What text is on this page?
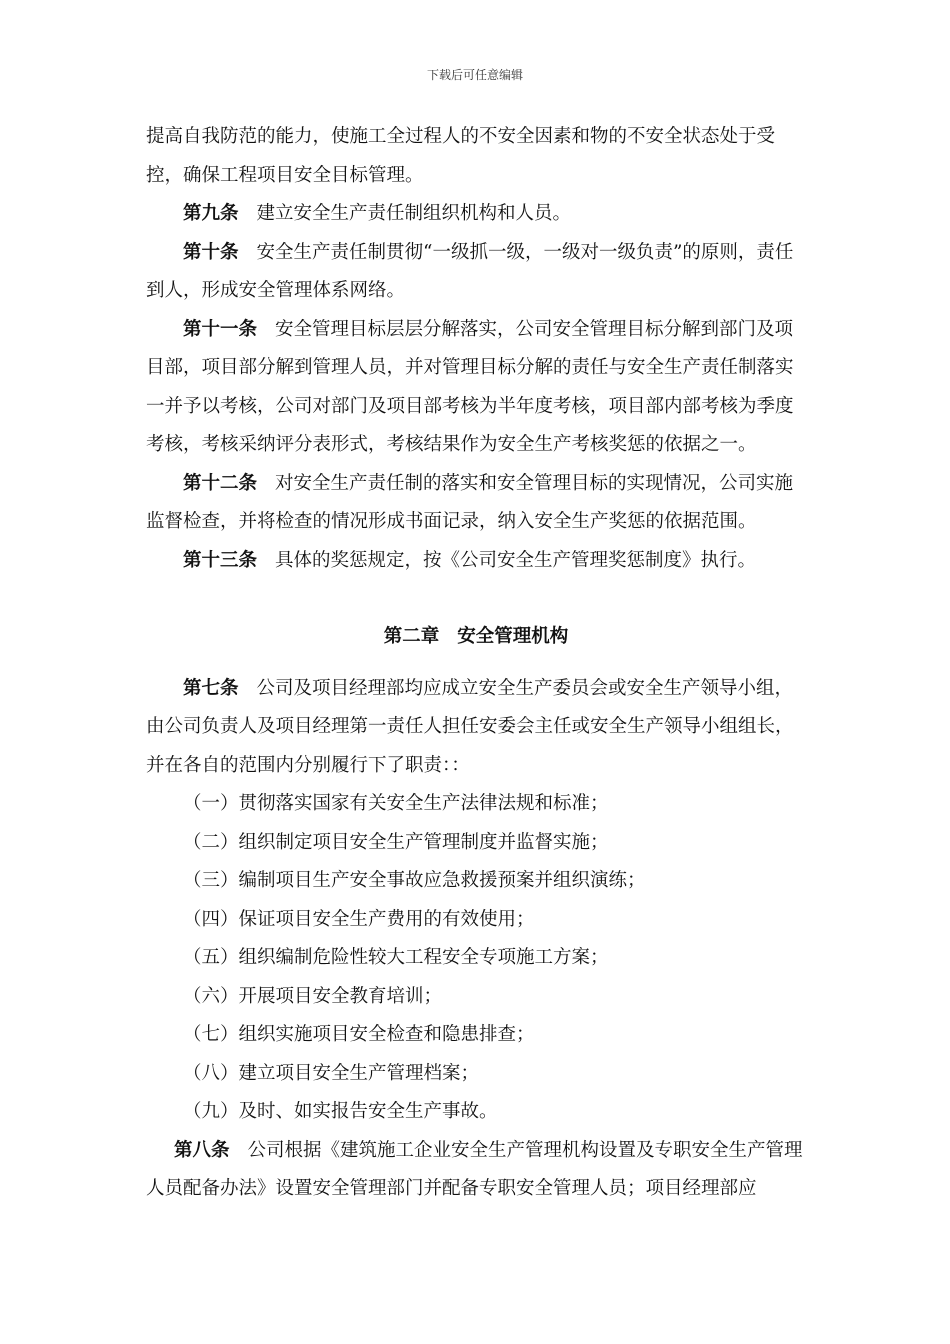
下载后可任意编辑

提高自我防范的能力，使施工全过程人的不安全因素和物的不安全状态处于受控，确保工程项目安全目标管理。

第九条 建立安全生产责任制组织机构和人员。

第十条 安全生产责任制贯彻“一级抓一级，一级对一级负责”的原则，责任到人，形成安全管理体系网络。

第十一条 安全管理目标层层分解落实，公司安全管理目标分解到部门及项目部，项目部分解到管理人员，并对管理目标分解的责任与安全生产责任制落实一并予以考核，公司对部门及项目部考核为半年度考核，项目部内部考核为季度考核，考核采纳评分表形式，考核结果作为安全生产考核奖惩的依据之一。

第十二条 对安全生产责任制的落实和安全管理目标的实现情况，公司实施监督检查，并将检查的情况形成书面记录，纳入安全生产奖惩的依据范围。

第十三条 具体的奖惩规定，按《公司安全生产管理奖惩制度》执行。

第二章 安全管理机构

第七条 公司及项目经理部均应成立安全生产委员会或安全生产领导小组，由公司负责人及项目经理第一责任人担任安委会主任或安全生产领导小组组长，并在各自的范围内分别履行下了职责：：

（一）贯彻落实国家有关安全生产法律法规和标准；

（二）组织制定项目安全生产管理制度并监督实施；

（三）编制项目生产安全事故应急救援预案并组织演练；

（四）保证项目安全生产费用的有效使用；

（五）组织编制危险性较大工程安全专项施工方案；

（六）开展项目安全教育培训；

（七）组织实施项目安全检查和隐患排查；

（八）建立项目安全生产管理档案；

（九）及时、如实报告安全生产事故。

第八条 公司根据《建筑施工企业安全生产管理机构设置及专职安全生产管理人员配备办法》设置安全管理部门并配备专职安全管理人员；项目经理部应
